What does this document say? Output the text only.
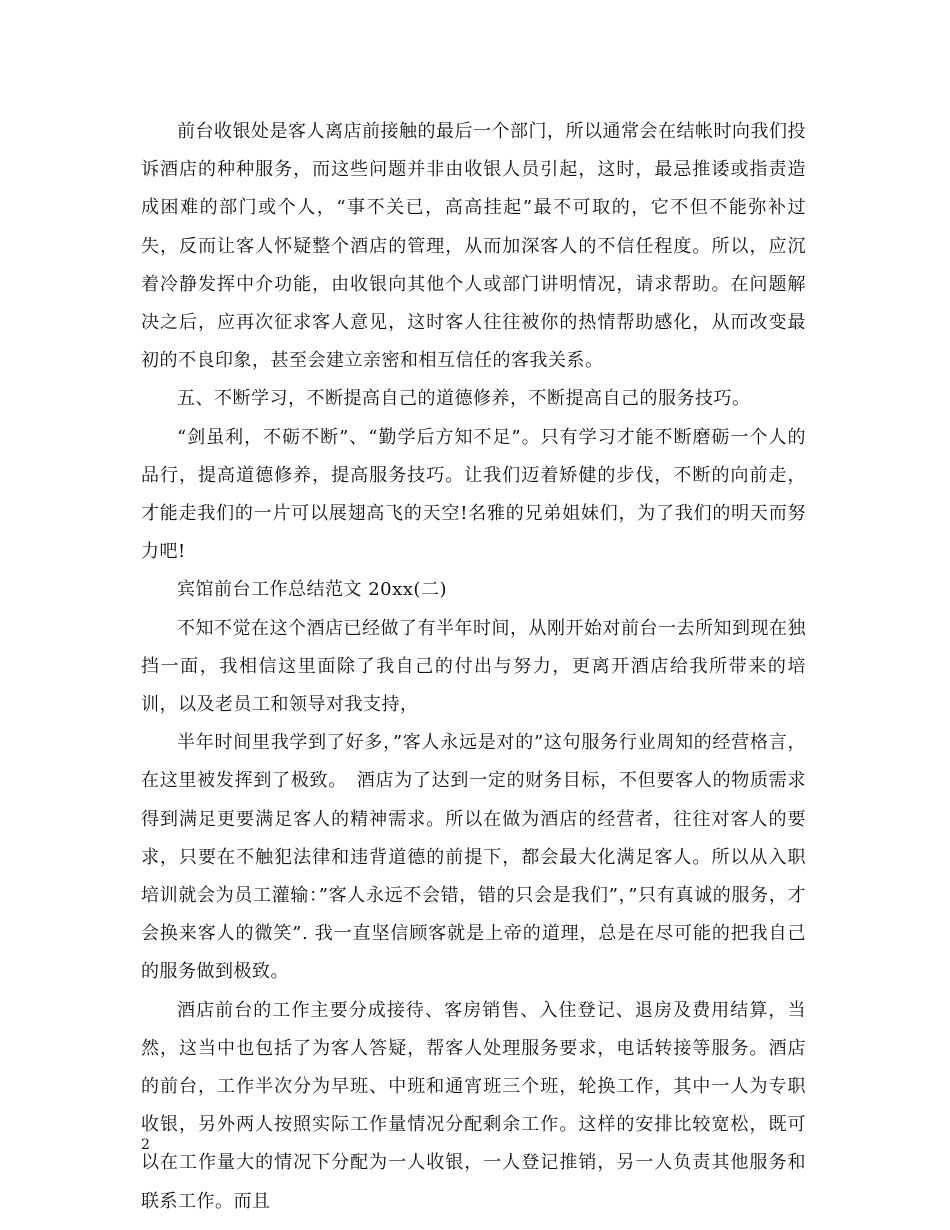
前台收银处是客人离店前接触的最后一个部门，所以通常会在结帐时向我们投诉酒店的种种服务，而这些问题并非由收银人员引起，这时，最忌推诿或指责造成困难的部门或个人，“事不关已，高高挂起”最不可取的，它不但不能弥补过失，反而让客人怀疑整个酒店的管理，从而加深客人的不信任程度。所以，应沉着冷静发挥中介功能，由收银向其他个人或部门讲明情况，请求帮助。在问题解决之后，应再次征求客人意见，这时客人往往被你的热情帮助感化，从而改变最初的不良印象，甚至会建立亲密和相互信任的客我关系。

五、不断学习，不断提高自己的道德修养，不断提高自己的服务技巧。

“剑虽利，不砺不断”、“勤学后方知不足”。只有学习才能不断磨砺一个人的品行，提高道德修养，提高服务技巧。让我们迈着矫健的步伐，不断的向前走，才能走我们的一片可以展翅高飞的天空!名雅的兄弟姐妹们，为了我们的明天而努力吧!

宾馆前台工作总结范文 20xx(二)

不知不觉在这个酒店已经做了有半年时间，从刚开始对前台一去所知到现在独挡一面，我相信这里面除了我自己的付出与努力，更离开酒店给我所带来的培训，以及老员工和领导对我支持，

半年时间里我学到了好多，”客人永远是对的”这句服务行业周知的经营格言，在这里被发挥到了极致。　酒店为了达到一定的财务目标，不但要客人的物质需求得到满足更要满足客人的精神需求。所以在做为酒店的经营者，往往对客人的要求，只要在不触犯法律和违背道德的前提下，都会最大化满足客人。所以从入职培训就会为员工灌输：”客人永远不会错，错的只会是我们”，”只有真诚的服务，才会换来客人的微笑”. 我一直坚信顾客就是上帝的道理，总是在尽可能的把我自己的服务做到极致。

酒店前台的工作主要分成接待、客房销售、入住登记、退房及费用结算，当然，这当中也包括了为客人答疑，帮客人处理服务要求，电话转接等服务。酒店的前台，工作半次分为早班、中班和通宵班三个班，轮换工作，其中一人为专职收银，另外两人按照实际工作量情况分配剩余工作。这样的安排比较宽松，既可以在工作量大的情况下分配为一人收银，一人登记推销，另一人负责其他服务和联系工作。而且

2
